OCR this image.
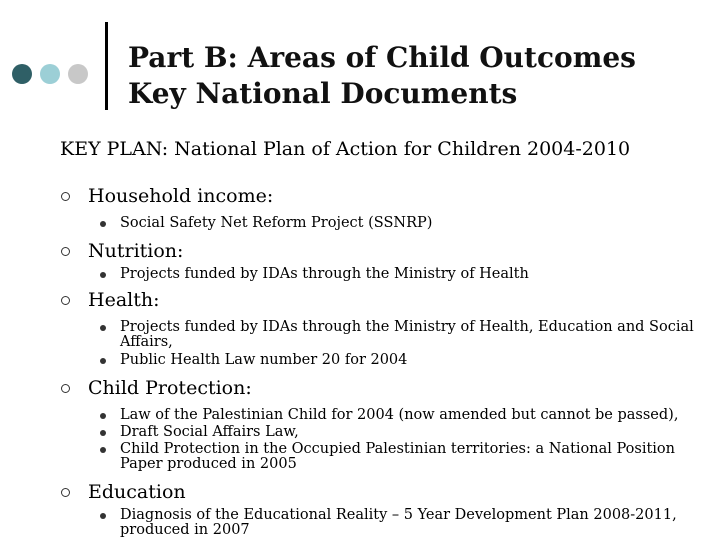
Part B: Areas of Child Outcomes
Key National Documents
KEY PLAN: National Plan of Action for Children 2004-2010
Household income:
Social Safety Net Reform Project (SSNRP)
Nutrition:
Projects funded by IDAs through the Ministry of Health
Health:
Projects funded by IDAs through the Ministry of Health, Education and Social Affairs,
Public Health Law number 20 for 2004
Child Protection:
Law of the Palestinian Child for 2004 (now amended but cannot be passed),
Draft Social Affairs Law,
Child Protection in the Occupied Palestinian territories: a National Position Paper produced in 2005
Education
Diagnosis of the Educational Reality – 5 Year Development Plan 2008-2011, produced in 2007
